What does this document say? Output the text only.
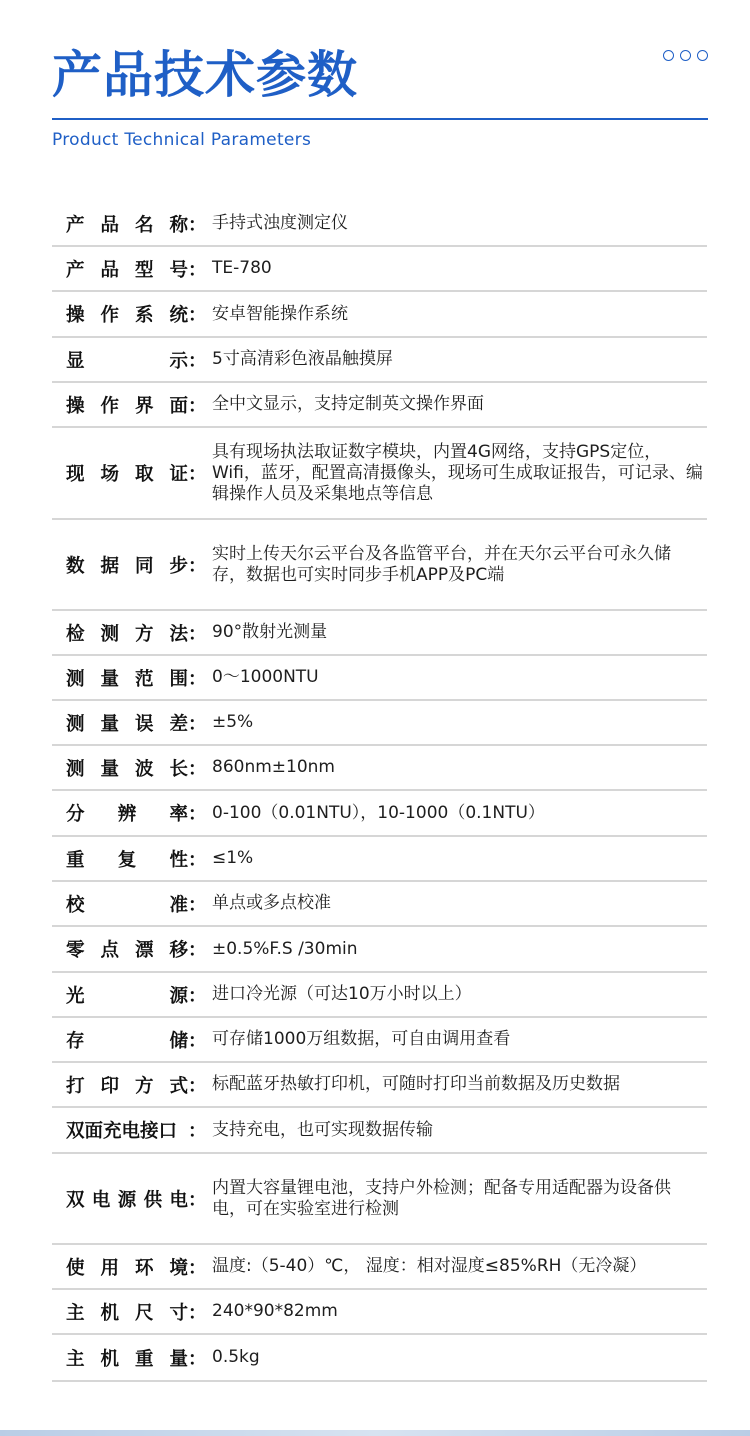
产品技术参数
Product Technical Parameters
产品名称 ： 手持式浊度测定仪
产品型号 ： TE-780
操作系统 ： 安卓智能操作系统
显示 ： 5寸高清彩色液晶触摸屏
操作界面 ： 全中文显示，支持定制英文操作界面
现场取证 ：
具有现场执法取证数字模块，内置4G网络，支持GPS定位，Wifi，蓝牙，配置高清摄像头，现场可生成取证报告，可记录、编辑操作人员及采集地点等信息
数据同步 ：
实时上传天尔云平台及各监管平台，并在天尔云平台可永久储存，数据也可实时同步手机APP及PC端
检测方法 ： 90°散射光测量
测量范围 ： 0～1000NTU
测量误差 ： ±5%
测量波长 ： 860nm±10nm
分辨率 ： 0-100（0.01NTU），10-1000（0.1NTU）
重复性 ： ≤1%
校准 ： 单点或多点校准
零点漂移 ： ±0.5%F.S /30min
光源 ： 进口冷光源（可达10万小时以上）
存储 ： 可存储1000万组数据，可自由调用查看
打印方式 ： 标配蓝牙热敏打印机，可随时打印当前数据及历史数据
双面充电接口 ： 支持充电，也可实现数据传输
双电源供电 ：
内置大容量锂电池，支持户外检测；配备专用适配器为设备供电，可在实验室进行检测
使用环境 ： 温度:（5-40）℃， 湿度：相对湿度≤85%RH（无冷凝）
主机尺寸 ： 240*90*82mm
主机重量 ： 0.5kg
